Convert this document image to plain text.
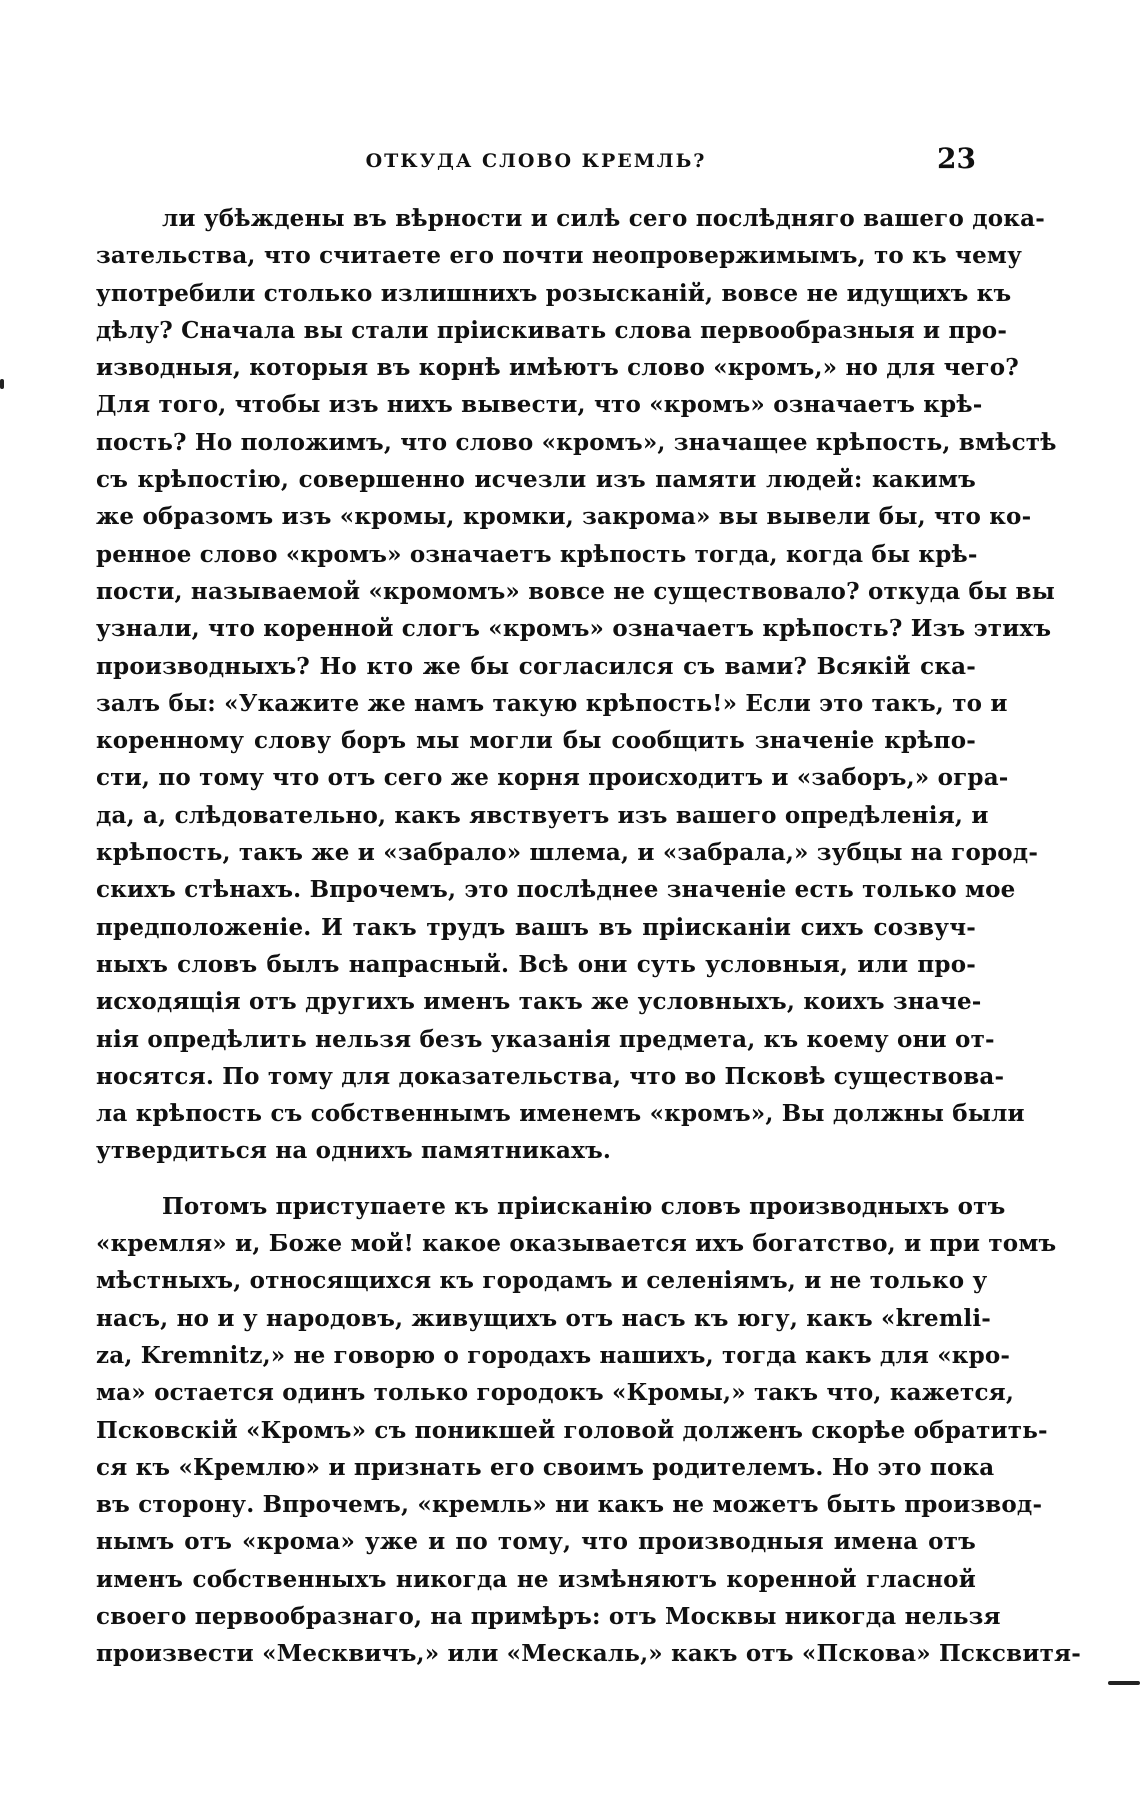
ОТКУДА СЛОВО КРЕМЛЬ?	23
ли убѣждены въ вѣрности и силѣ сего послѣдняго вашего дока-
зательства, что считаете его почти неопровержимымъ, то къ чему
употребили столько излишнихъ розысканій, вовсе не идущихъ къ
дѣлу? Сначала вы стали пріискивать слова первообразныя и про-
изводныя, которыя въ корнѣ имѣютъ слово «кромъ,» но для чего?
Для того, чтобы изъ нихъ вывести, что «кромъ» означаетъ крѣ-
пость? Но положимъ, что слово «кромъ», значащее крѣпость, вмѣстѣ
съ крѣпостію, совершенно исчезли изъ памяти людей: какимъ
же образомъ изъ «кромы, кромки, закрома» вы вывели бы, что ко-
ренное слово «кромъ» означаетъ крѣпость тогда, когда бы крѣ-
пости, называемой «кромомъ» вовсе не существовало? откуда бы вы
узнали, что коренной слогъ «кромъ» означаетъ крѣпость? Изъ этихъ
производныхъ? Но кто же бы согласился съ вами? Всякій ска-
залъ бы: «Укажите же намъ такую крѣпость!» Если это такъ, то и
коренному слову боръ мы могли бы сообщить значеніе крѣпо-
сти, по тому что отъ сего же корня происходитъ и «заборъ,» огра-
да, а, слѣдовательно, какъ явствуетъ изъ вашего опредѣленія, и
крѣпость, такъ же и «забрало» шлема, и «забрала,» зубцы на город-
скихъ стѣнахъ. Впрочемъ, это послѣднее значеніе есть только мое
предположеніе. И такъ трудъ вашъ въ пріисканіи сихъ созвуч-
ныхъ словъ былъ напрасный. Всѣ они суть условныя, или про-
исходящія отъ другихъ именъ такъ же условныхъ, коихъ значе-
нія опредѣлить нельзя безъ указанія предмета, къ коему они от-
носятся. По тому для доказательства, что во Псковѣ существова-
ла крѣпость съ собственнымъ именемъ «кромъ», Вы должны были
утвердиться на однихъ памятникахъ.
Потомъ приступаете къ пріисканію словъ производныхъ отъ
«кремля» и, Боже мой! какое оказывается ихъ богатство, и при томъ
мѣстныхъ, относящихся къ городамъ и селеніямъ, и не только у
насъ, но и у народовъ, живущихъ отъ насъ къ югу, какъ «kremli-
za, Kremnitz,» не говорю о городахъ нашихъ, тогда какъ для «кро-
ма» остается одинъ только городокъ «Кромы,» такъ что, кажется,
Псковскій «Кромъ» съ поникшей головой долженъ скорѣе обратить-
ся къ «Кремлю» и признать его своимъ родителемъ. Но это пока
въ сторону. Впрочемъ, «кремль» ни какъ не можетъ быть производ-
нымъ отъ «крома» уже и по тому, что производныя имена отъ
именъ собственныхъ никогда не измѣняютъ коренной гласной
своего первообразнаго, на примѣръ: отъ Москвы никогда нельзя
произвести «Месквичъ,» или «Мескаль,» какъ отъ «Пскова» Псксвитя-
